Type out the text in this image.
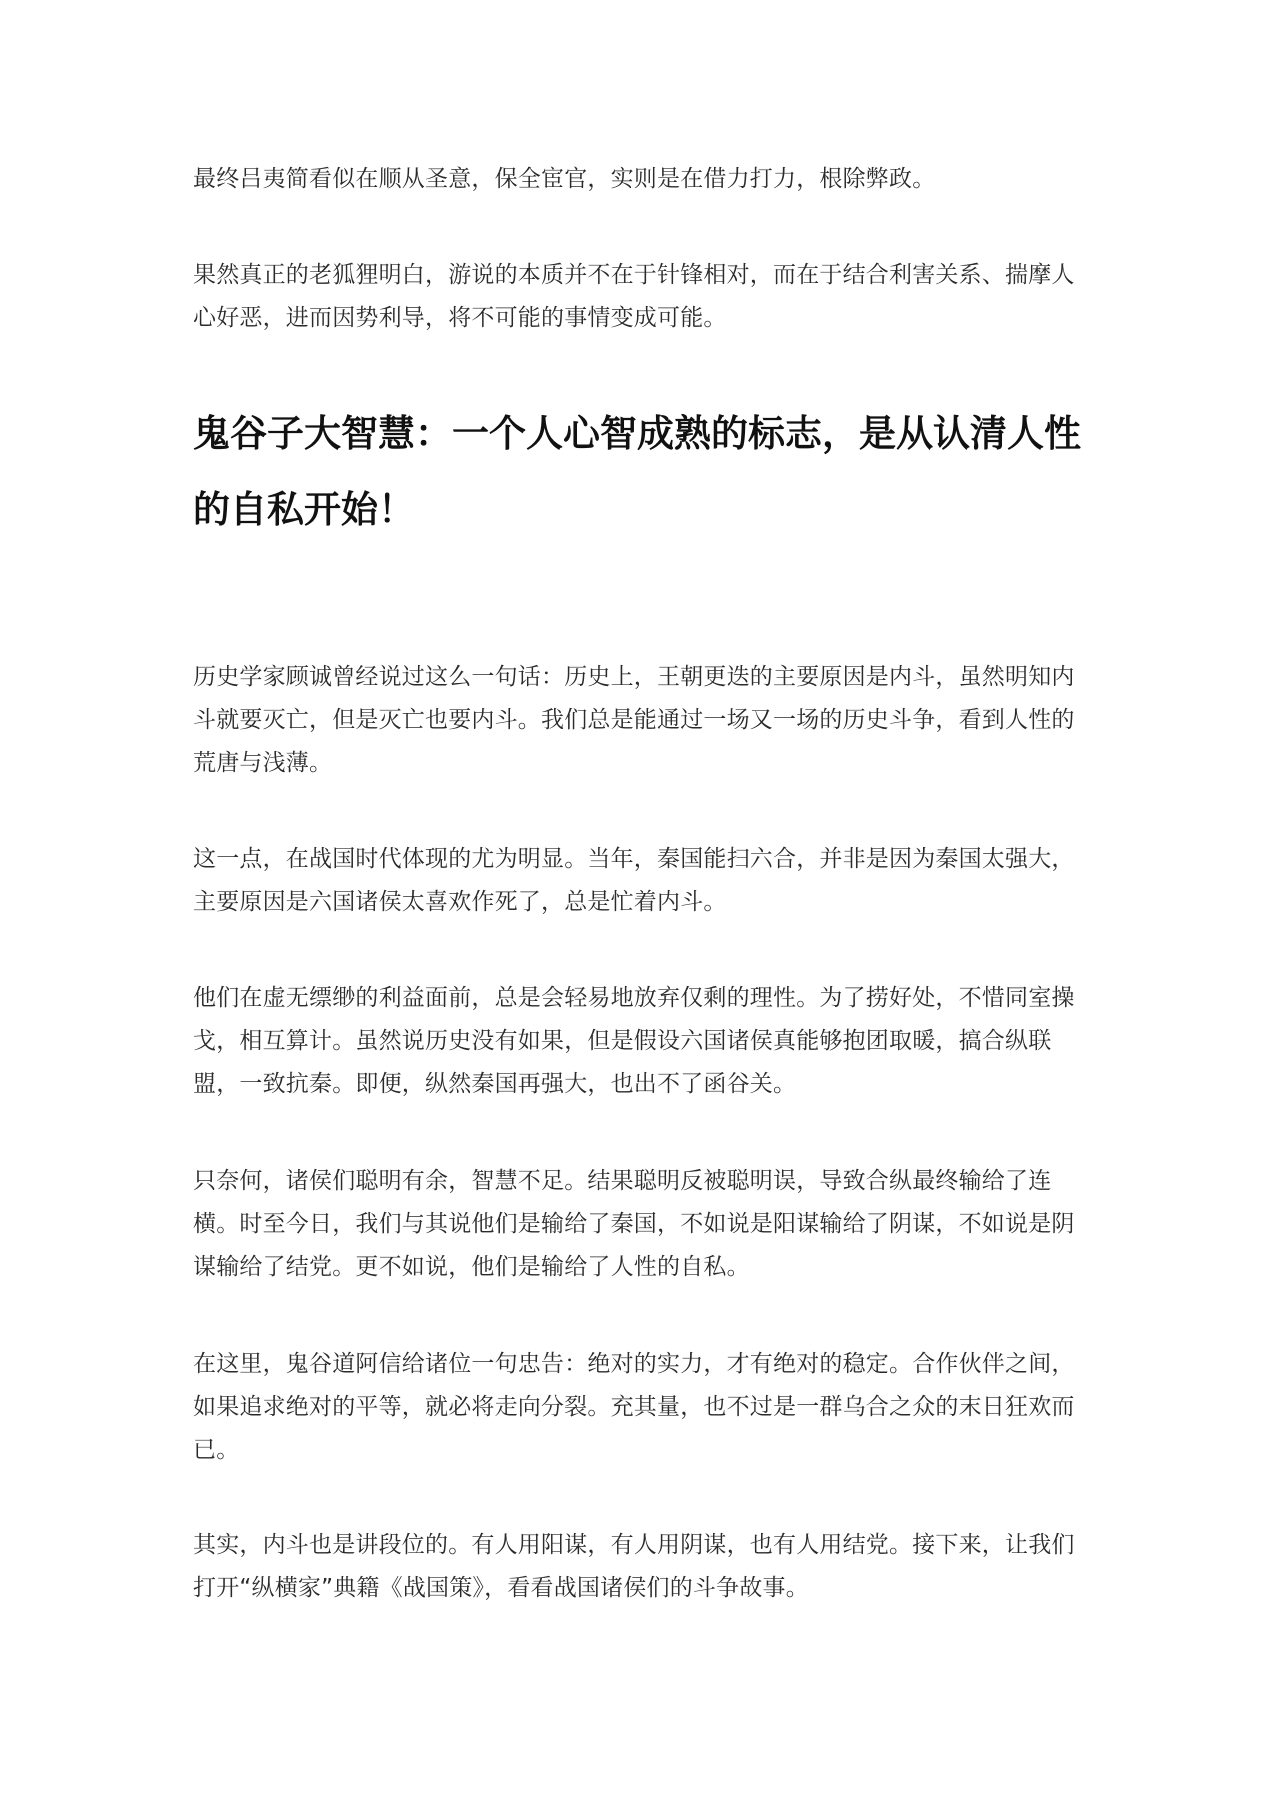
最终吕夷简看似在顺从圣意，保全宦官，实则是在借力打力，根除弊政。

果然真正的老狐狸明白，游说的本质并不在于针锋相对，而在于结合利害关系、揣摩人心好恶，进而因势利导，将不可能的事情变成可能。

鬼谷子大智慧：一个人心智成熟的标志，是从认清人性的自私开始！

历史学家顾诚曾经说过这么一句话：历史上，王朝更迭的主要原因是内斗，虽然明知内斗就要灭亡，但是灭亡也要内斗。我们总是能通过一场又一场的历史斗争，看到人性的荒唐与浅薄。

这一点，在战国时代体现的尤为明显。当年，秦国能扫六合，并非是因为秦国太强大，主要原因是六国诸侯太喜欢作死了，总是忙着内斗。

他们在虚无缥缈的利益面前，总是会轻易地放弃仅剩的理性。为了捞好处，不惜同室操戈，相互算计。虽然说历史没有如果，但是假设六国诸侯真能够抱团取暖，搞合纵联盟，一致抗秦。即便，纵然秦国再强大，也出不了函谷关。

只奈何，诸侯们聪明有余，智慧不足。结果聪明反被聪明误，导致合纵最终输给了连横。时至今日，我们与其说他们是输给了秦国，不如说是阳谋输给了阴谋，不如说是阴谋输给了结党。更不如说，他们是输给了人性的自私。

在这里，鬼谷道阿信给诸位一句忠告：绝对的实力，才有绝对的稳定。合作伙伴之间，如果追求绝对的平等，就必将走向分裂。充其量，也不过是一群乌合之众的末日狂欢而已。

其实，内斗也是讲段位的。有人用阳谋，有人用阴谋，也有人用结党。接下来，让我们打开“纵横家”典籍《战国策》，看看战国诸侯们的斗争故事。
